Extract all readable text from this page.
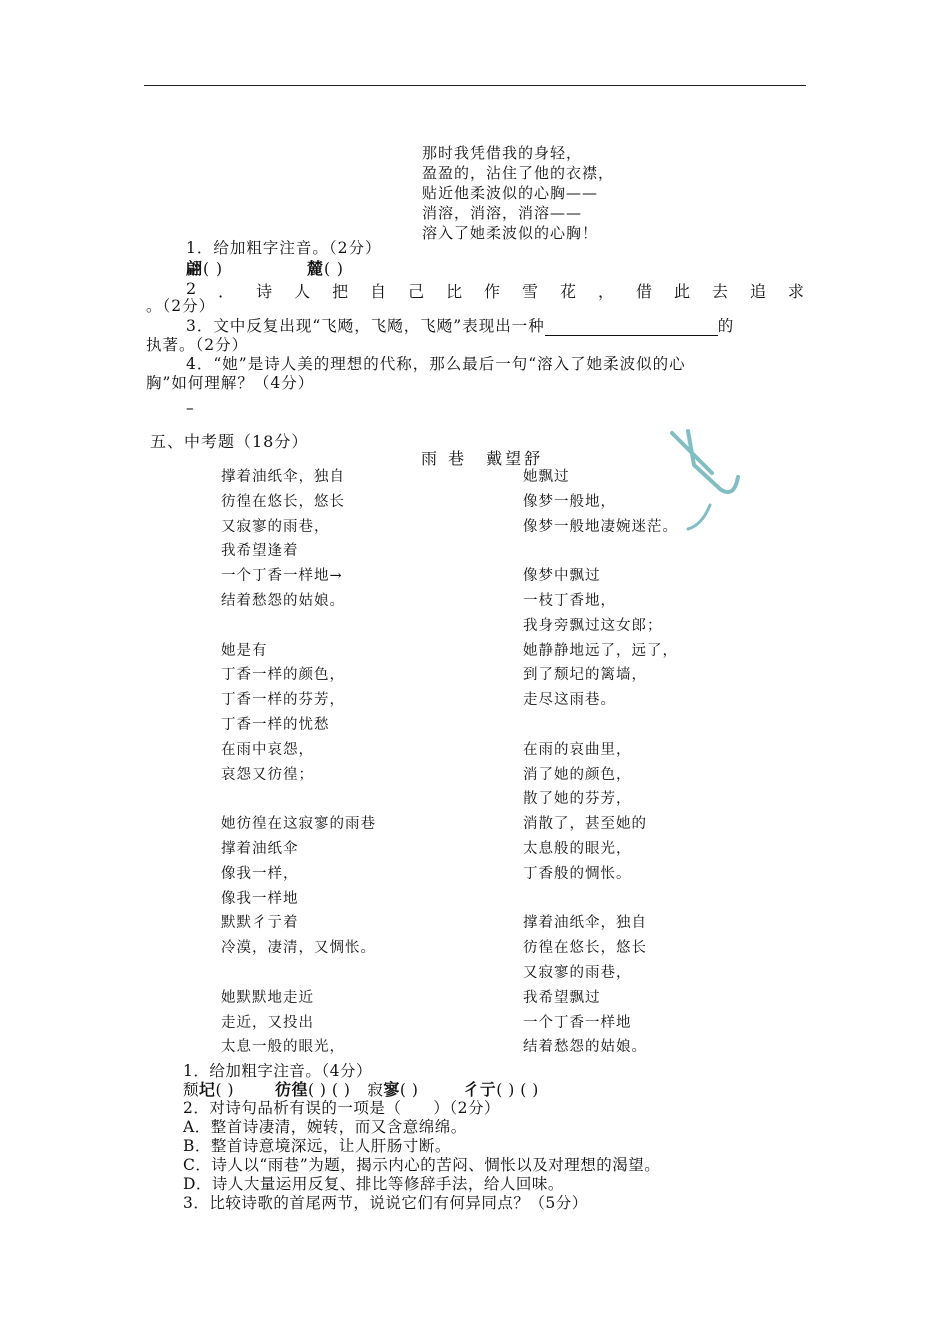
那时我凭借我的身轻，
盈盈的，沾住了他的衣襟，
贴近他柔波似的心胸——
消溶，消溶，消溶——
溶入了她柔波似的心胸！
1．给加粗字注音。（2分）
翩( )	麓( )
2 ． 诗 人 把 自 己 比 作 雪 花 ， 借 此 去 追 求
。（2分）
3．文中反复出现“飞飏，飞飏，飞飏”表现出一种	的
执著。（2分）
4．“她”是诗人美的理想的代称，那么最后一句“溶入了她柔波似的心
胸”如何理解？（4分）
–
五、中考题（18分）
雨 巷　戴望舒
撑着油纸伞，独自
彷徨在悠长，悠长
又寂寥的雨巷，
我希望逢着
一个丁香一样地→
结着愁怨的姑娘。
她是有
丁香一样的颜色，
丁香一样的芬芳，
丁香一样的忧愁
在雨中哀怨，
哀怨又彷徨；
她彷徨在这寂寥的雨巷
撑着油纸伞
像我一样，
像我一样地
默默彳亍着
冷漠，凄清，又惆怅。
她默默地走近
走近，又投出
太息一般的眼光，
她飘过
像梦一般地，
像梦一般地凄婉迷茫。
像梦中飘过
一枝丁香地，
我身旁飘过这女郎；
她静静地远了，远了，
到了颓圮的篱墙，
走尽这雨巷。
在雨的哀曲里，
消了她的颜色，
散了她的芬芳，
消散了，甚至她的
太息般的眼光，
丁香般的惆怅。
撑着油纸伞，独自
彷徨在悠长，悠长
又寂寥的雨巷，
我希望飘过
一个丁香一样地
结着愁怨的姑娘。
1．给加粗字注音。（4分）
颓圮( )	彷徨( ) ( ) 寂寥( )	彳亍( ) ( )
2．对诗句品析有误的一项是（　　）（2分）
A．整首诗凄清，婉转，而又含意绵绵。
B．整首诗意境深远，让人肝肠寸断。
C．诗人以“雨巷”为题，揭示内心的苦闷、惆怅以及对理想的渴望。
D．诗人大量运用反复、排比等修辞手法，给人回味。
3．比较诗歌的首尾两节，说说它们有何异同点？（5分）
